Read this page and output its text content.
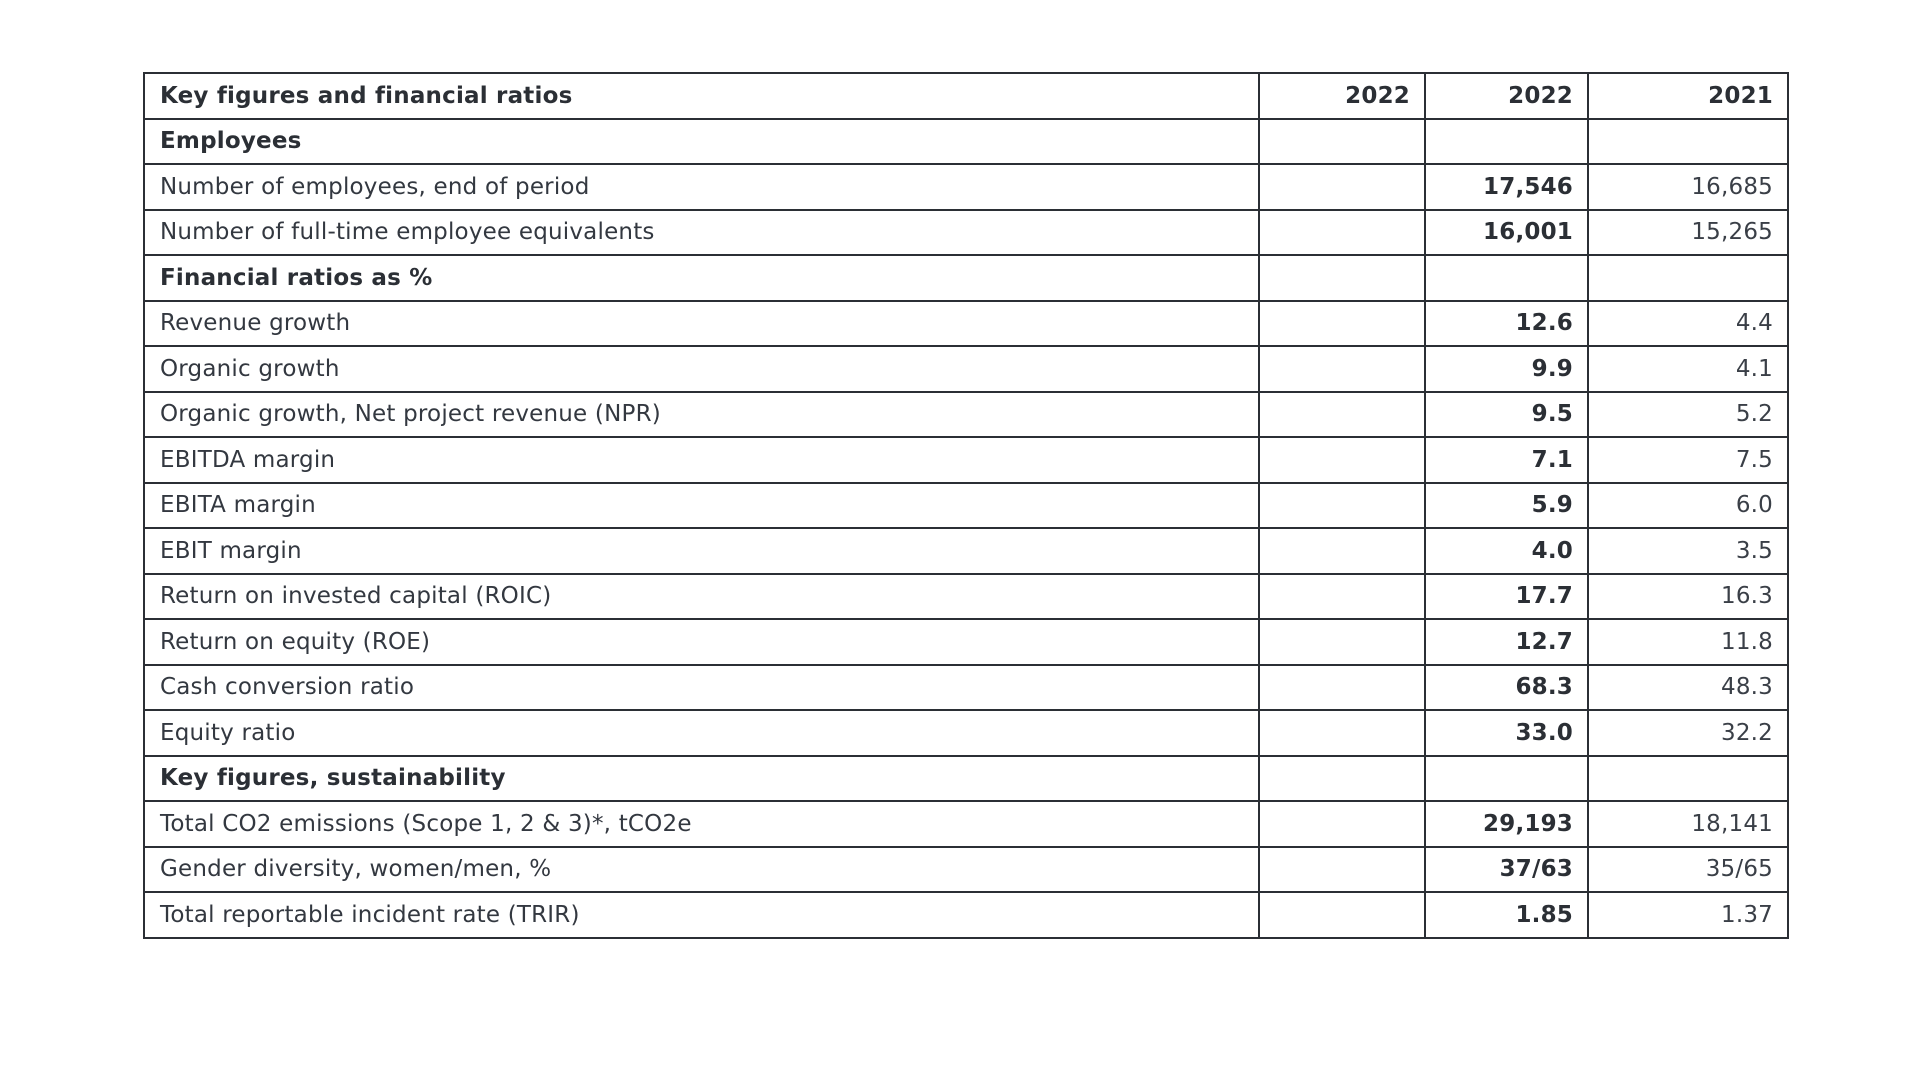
Key figures and financial ratios	2022	2022	2021
Employees			
Number of employees, end of period		17,546	16,685
Number of full-time employee equivalents		16,001	15,265
Financial ratios as %			
Revenue growth		12.6	4.4
Organic growth		9.9	4.1
Organic growth, Net project revenue (NPR)		9.5	5.2
EBITDA margin		7.1	7.5
EBITA margin		5.9	6.0
EBIT margin		4.0	3.5
Return on invested capital (ROIC)		17.7	16.3
Return on equity (ROE)		12.7	11.8
Cash conversion ratio		68.3	48.3
Equity ratio		33.0	32.2
Key figures, sustainability			
Total CO2 emissions (Scope 1, 2 & 3)*, tCO2e		29,193	18,141
Gender diversity, women/men, %		37/63	35/65
Total reportable incident rate (TRIR)		1.85	1.37
